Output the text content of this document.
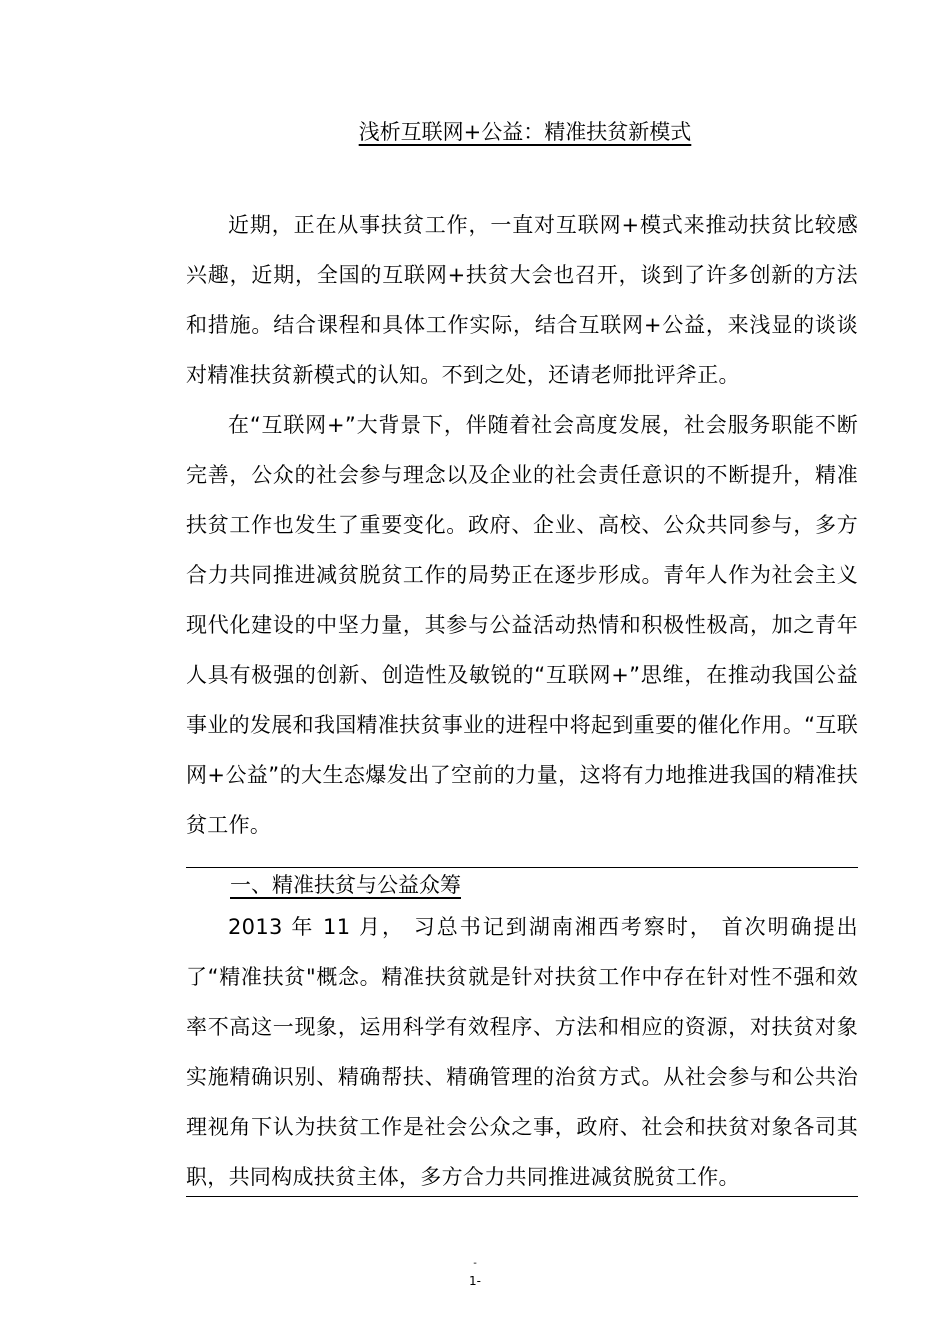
浅析互联网+公益：精准扶贫新模式

近期，正在从事扶贫工作，一直对互联网+模式来推动扶贫比较感兴趣，近期，全国的互联网+扶贫大会也召开，谈到了许多创新的方法和措施。结合课程和具体工作实际，结合互联网+公益，来浅显的谈谈对精准扶贫新模式的认知。不到之处，还请老师批评斧正。

在“互联网+”大背景下，伴随着社会高度发展，社会服务职能不断完善，公众的社会参与理念以及企业的社会责任意识的不断提升，精准扶贫工作也发生了重要变化。政府、企业、高校、公众共同参与，多方合力共同推进减贫脱贫工作的局势正在逐步形成。青年人作为社会主义现代化建设的中坚力量，其参与公益活动热情和积极性极高，加之青年人具有极强的创新、创造性及敏锐的“互联网+”思维，在推动我国公益事业的发展和我国精准扶贫事业的进程中将起到重要的催化作用。“互联网+公益”的大生态爆发出了空前的力量，这将有力地推进我国的精准扶贫工作。

一、精准扶贫与公益众筹

2013 年 11 月， 习总书记到湖南湘西考察时， 首次明确提出了“精准扶贫"概念。精准扶贫就是针对扶贫工作中存在针对性不强和效率不高这一现象，运用科学有效程序、方法和相应的资源，对扶贫对象实施精确识别、精确帮扶、精确管理的治贫方式。从社会参与和公共治理视角下认为扶贫工作是社会公众之事，政府、社会和扶贫对象各司其职，共同构成扶贫主体，多方合力共同推进减贫脱贫工作。

-
1-
